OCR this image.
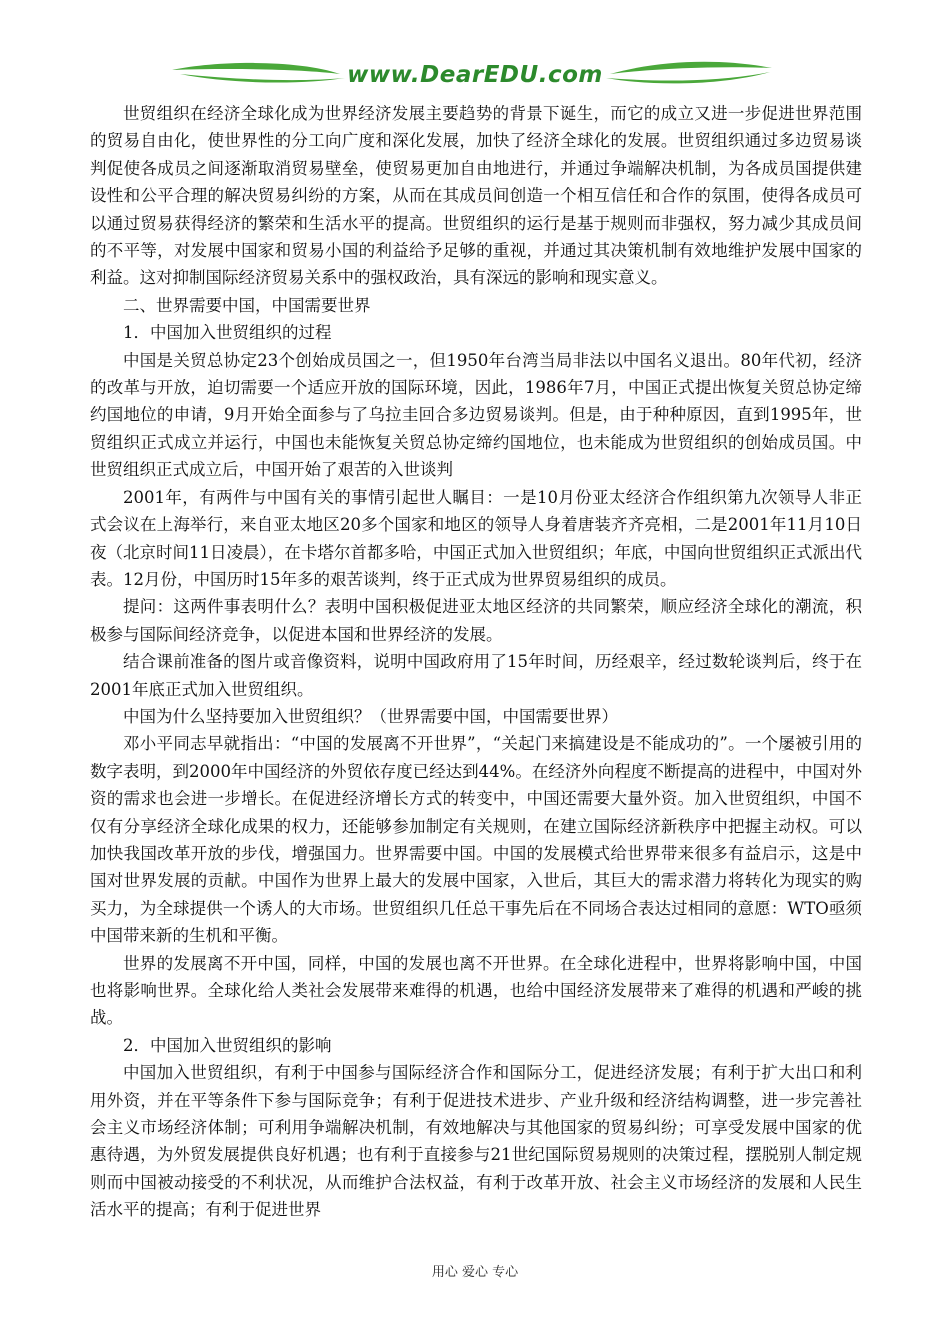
www.DearEDU.com

世贸组织在经济全球化成为世界经济发展主要趋势的背景下诞生，而它的成立又进一步促进世界范围的贸易自由化，使世界性的分工向广度和深化发展，加快了经济全球化的发展。世贸组织通过多边贸易谈判促使各成员之间逐渐取消贸易壁垒，使贸易更加自由地进行，并通过争端解决机制，为各成员国提供建设性和公平合理的解决贸易纠纷的方案，从而在其成员间创造一个相互信任和合作的氛围，使得各成员可以通过贸易获得经济的繁荣和生活水平的提高。世贸组织的运行是基于规则而非强权，努力减少其成员间的不平等，对发展中国家和贸易小国的利益给予足够的重视，并通过其决策机制有效地维护发展中国家的利益。这对抑制国际经济贸易关系中的强权政治，具有深远的影响和现实意义。

二、世界需要中国，中国需要世界

1．中国加入世贸组织的过程

中国是关贸总协定23个创始成员国之一，但1950年台湾当局非法以中国名义退出。80年代初，经济的改革与开放，迫切需要一个适应开放的国际环境，因此，1986年7月，中国正式提出恢复关贸总协定缔约国地位的申请，9月开始全面参与了乌拉圭回合多边贸易谈判。但是，由于种种原因，直到1995年，世贸组织正式成立并运行，中国也未能恢复关贸总协定缔约国地位，也未能成为世贸组织的创始成员国。中世贸组织正式成立后，中国开始了艰苦的入世谈判

2001年，有两件与中国有关的事情引起世人瞩目：一是10月份亚太经济合作组织第九次领导人非正式会议在上海举行，来自亚太地区20多个国家和地区的领导人身着唐装齐齐亮相，二是2001年11月10日夜（北京时间11日凌晨），在卡塔尔首都多哈，中国正式加入世贸组织；年底，中国向世贸组织正式派出代表。12月份，中国历时15年多的艰苦谈判，终于正式成为世界贸易组织的成员。

提问：这两件事表明什么？表明中国积极促进亚太地区经济的共同繁荣，顺应经济全球化的潮流，积极参与国际间经济竞争，以促进本国和世界经济的发展。

结合课前准备的图片或音像资料，说明中国政府用了15年时间，历经艰辛，经过数轮谈判后，终于在2001年底正式加入世贸组织。

中国为什么坚持要加入世贸组织？（世界需要中国，中国需要世界）

邓小平同志早就指出：“中国的发展离不开世界”，“关起门来搞建设是不能成功的”。一个屡被引用的数字表明，到2000年中国经济的外贸依存度已经达到44%。在经济外向程度不断提高的进程中，中国对外资的需求也会进一步增长。在促进经济增长方式的转变中，中国还需要大量外资。加入世贸组织，中国不仅有分享经济全球化成果的权力，还能够参加制定有关规则，在建立国际经济新秩序中把握主动权。可以加快我国改革开放的步伐，增强国力。世界需要中国。中国的发展模式给世界带来很多有益启示，这是中国对世界发展的贡献。中国作为世界上最大的发展中国家，入世后，其巨大的需求潜力将转化为现实的购买力，为全球提供一个诱人的大市场。世贸组织几任总干事先后在不同场合表达过相同的意愿：WTO亟须中国带来新的生机和平衡。

世界的发展离不开中国，同样，中国的发展也离不开世界。在全球化进程中，世界将影响中国，中国也将影响世界。全球化给人类社会发展带来难得的机遇，也给中国经济发展带来了难得的机遇和严峻的挑战。

2．中国加入世贸组织的影响

中国加入世贸组织，有利于中国参与国际经济合作和国际分工，促进经济发展；有利于扩大出口和利用外资，并在平等条件下参与国际竞争；有利于促进技术进步、产业升级和经济结构调整，进一步完善社会主义市场经济体制；可利用争端解决机制，有效地解决与其他国家的贸易纠纷；可享受发展中国家的优惠待遇，为外贸发展提供良好机遇；也有利于直接参与21世纪国际贸易规则的决策过程，摆脱别人制定规则而中国被动接受的不利状况，从而维护合法权益，有利于改革开放、社会主义市场经济的发展和人民生活水平的提高；有利于促进世界

用心 爱心 专心
